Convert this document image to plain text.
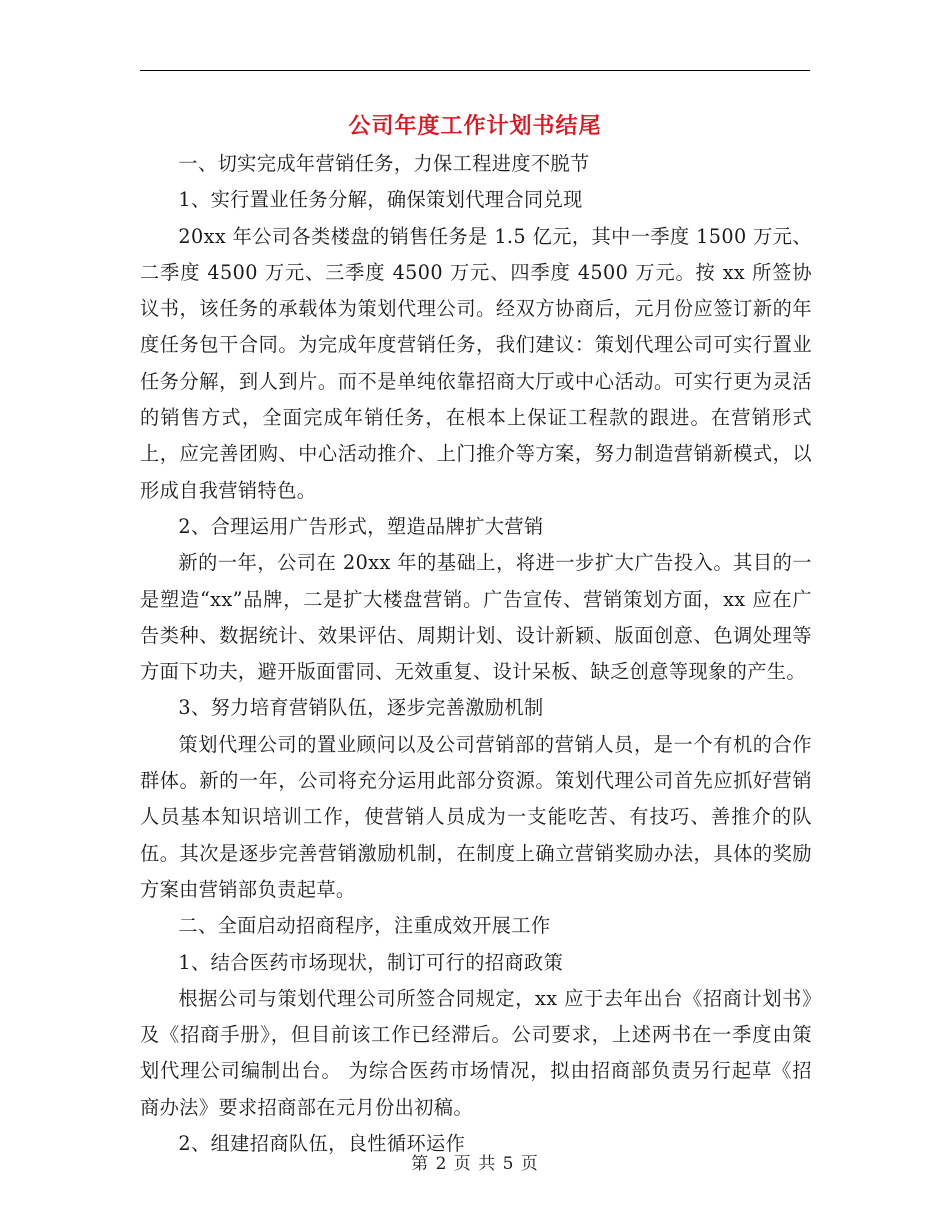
公司年度工作计划书结尾

一、切实完成年营销任务，力保工程进度不脱节

1、实行置业任务分解，确保策划代理合同兑现

20xx 年公司各类楼盘的销售任务是 1.5 亿元，其中一季度 1500 万元、二季度 4500 万元、三季度 4500 万元、四季度 4500 万元。按 xx 所签协议书，该任务的承载体为策划代理公司。经双方协商后，元月份应签订新的年度任务包干合同。为完成年度营销任务，我们建议：策划代理公司可实行置业任务分解，到人到片。而不是单纯依靠招商大厅或中心活动。可实行更为灵活的销售方式，全面完成年销任务，在根本上保证工程款的跟进。在营销形式上，应完善团购、中心活动推介、上门推介等方案，努力制造营销新模式，以形成自我营销特色。

2、合理运用广告形式，塑造品牌扩大营销

新的一年，公司在 20xx 年的基础上，将进一步扩大广告投入。其目的一是塑造“xx”品牌，二是扩大楼盘营销。广告宣传、营销策划方面，xx 应在广告类种、数据统计、效果评估、周期计划、设计新颖、版面创意、色调处理等方面下功夫，避开版面雷同、无效重复、设计呆板、缺乏创意等现象的产生。

3、努力培育营销队伍，逐步完善激励机制

策划代理公司的置业顾问以及公司营销部的营销人员，是一个有机的合作群体。新的一年，公司将充分运用此部分资源。策划代理公司首先应抓好营销人员基本知识培训工作，使营销人员成为一支能吃苦、有技巧、善推介的队伍。其次是逐步完善营销激励机制，在制度上确立营销奖励办法，具体的奖励方案由营销部负责起草。

二、全面启动招商程序，注重成效开展工作

1、结合医药市场现状，制订可行的招商政策

根据公司与策划代理公司所签合同规定，xx 应于去年出台《招商计划书》及《招商手册》，但目前该工作已经滞后。公司要求，上述两书在一季度由策划代理公司编制出台。 为综合医药市场情况，拟由招商部负责另行起草《招商办法》要求招商部在元月份出初稿。

2、组建招商队伍，良性循环运作

第 2 页 共 5 页
